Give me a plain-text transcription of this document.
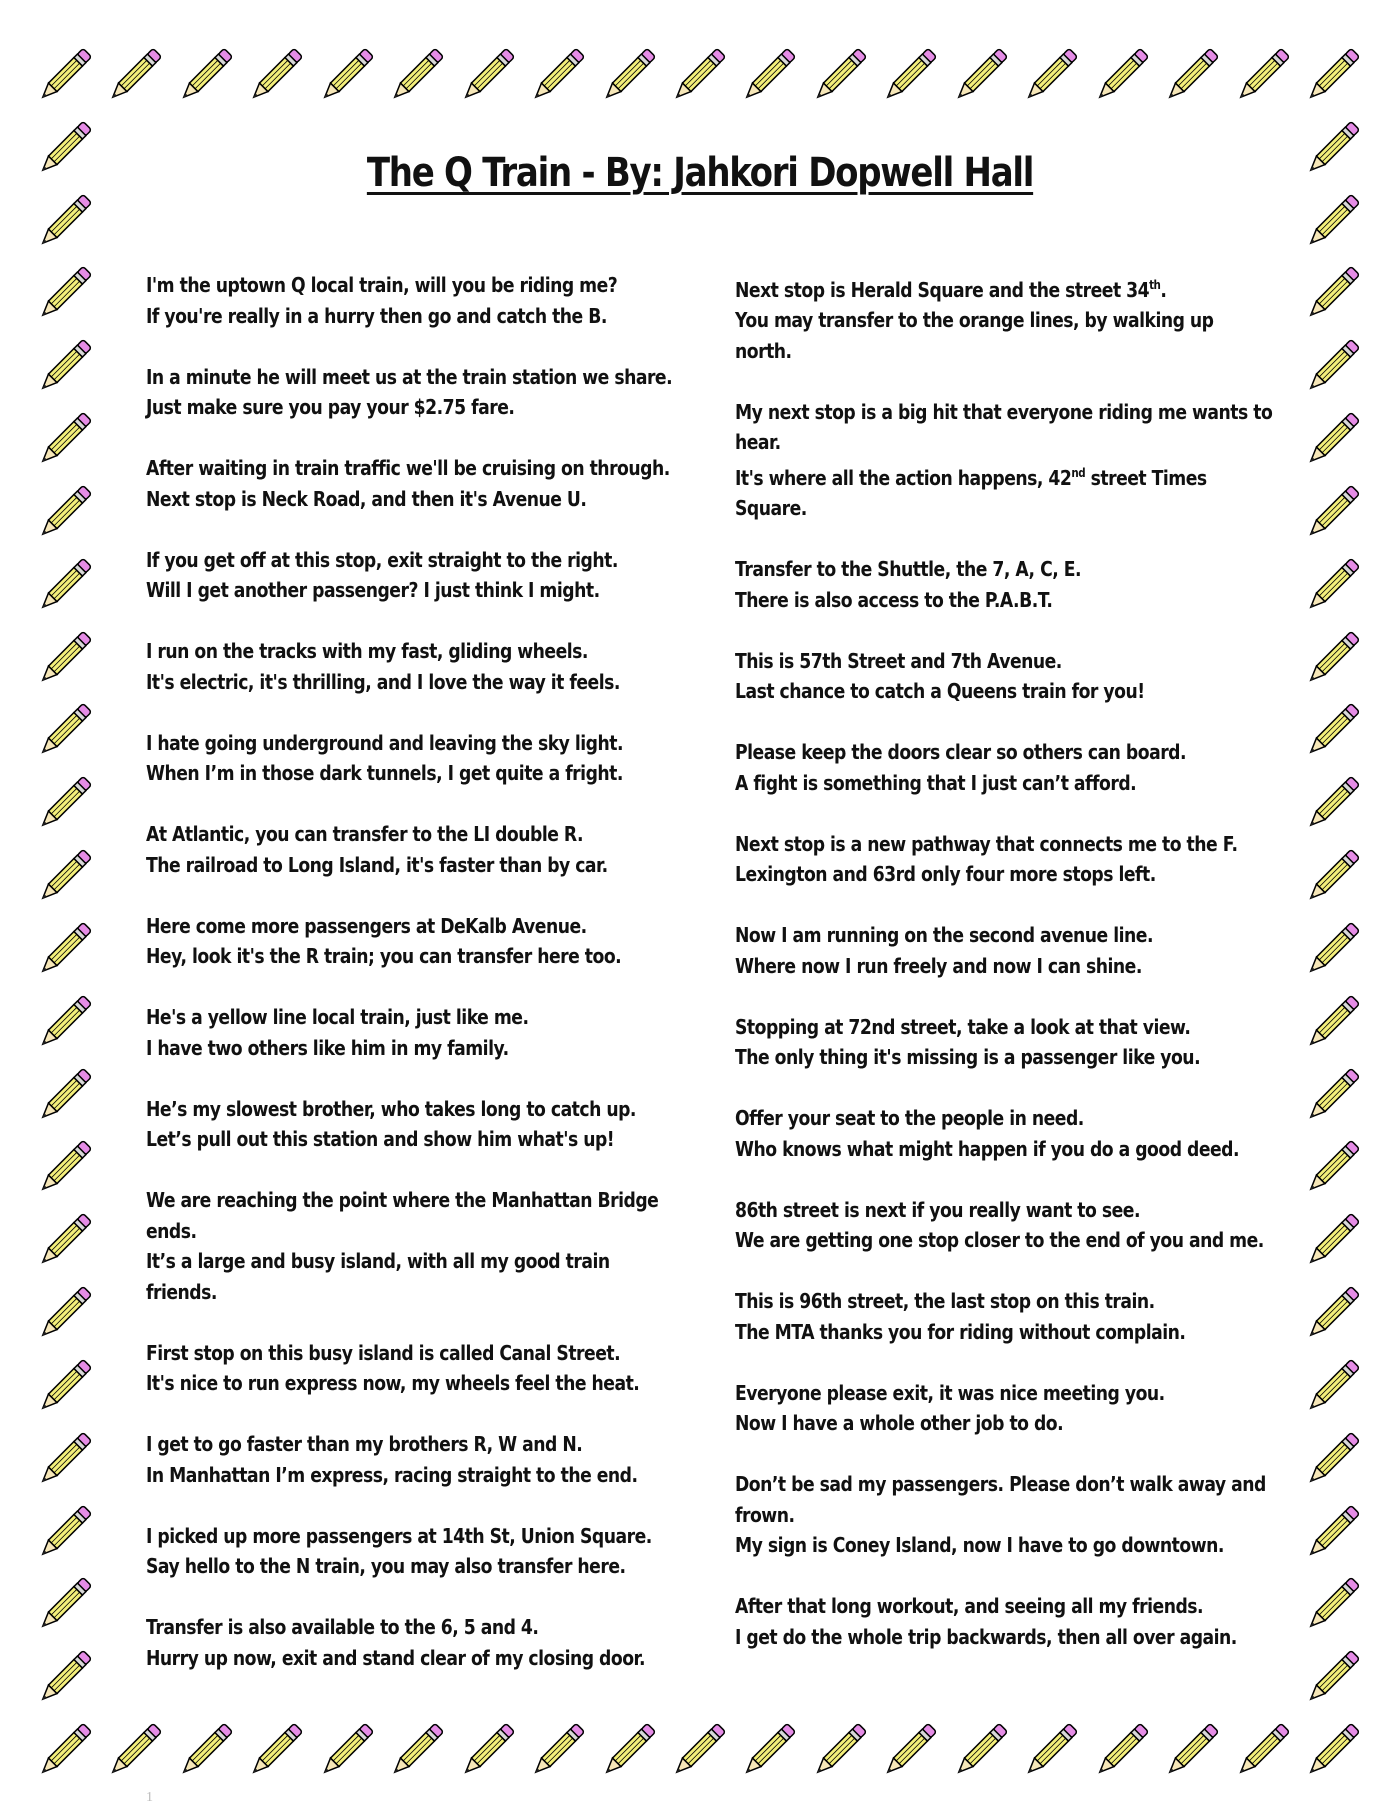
The Q Train - By: Jahkori Dopwell Hall
I'm the uptown Q local train, will you be riding me?
If you're really in a hurry then go and catch the B.
In a minute he will meet us at the train station we share.
Just make sure you pay your $2.75 fare.
After waiting in train traffic we'll be cruising on through.
Next stop is Neck Road, and then it's Avenue U.
If you get off at this stop, exit straight to the right.
Will I get another passenger? I just think I might.
I run on the tracks with my fast, gliding wheels.
It's electric, it's thrilling, and I love the way it feels.
I hate going underground and leaving the sky light.
When I’m in those dark tunnels, I get quite a fright.
At Atlantic, you can transfer to the LI double R.
The railroad to Long Island, it's faster than by car.
Here come more passengers at DeKalb Avenue.
Hey, look it's the R train; you can transfer here too.
He's a yellow line local train, just like me.
I have two others like him in my family.
He’s my slowest brother, who takes long to catch up.
Let’s pull out this station and show him what's up!
We are reaching the point where the Manhattan Bridge ends.
It’s a large and busy island, with all my good train friends.
First stop on this busy island is called Canal Street.
It's nice to run express now, my wheels feel the heat.
I get to go faster than my brothers R, W and N.
In Manhattan I’m express, racing straight to the end.
I picked up more passengers at 14th St, Union Square.
Say hello to the N train, you may also transfer here.
Transfer is also available to the 6, 5 and 4.
Hurry up now, exit and stand clear of my closing door.
Next stop is Herald Square and the street 34th.
You may transfer to the orange lines, by walking up north.
My next stop is a big hit that everyone riding me wants to hear.
It's where all the action happens, 42nd street Times Square.
Transfer to the Shuttle, the 7, A, C, E.
There is also access to the P.A.B.T.
This is 57th Street and 7th Avenue.
Last chance to catch a Queens train for you!
Please keep the doors clear so others can board.
A fight is something that I just can’t afford.
Next stop is a new pathway that connects me to the F.
Lexington and 63rd only four more stops left.
Now I am running on the second avenue line.
Where now I run freely and now I can shine.
Stopping at 72nd street, take a look at that view.
The only thing it's missing is a passenger like you.
Offer your seat to the people in need.
Who knows what might happen if you do a good deed.
86th street is next if you really want to see.
We are getting one stop closer to the end of you and me.
This is 96th street, the last stop on this train.
The MTA thanks you for riding without complain.
Everyone please exit, it was nice meeting you.
Now I have a whole other job to do.
Don’t be sad my passengers. Please don’t walk away and frown.
My sign is Coney Island, now I have to go downtown.
After that long workout, and seeing all my friends.
I get do the whole trip backwards, then all over again.
1
